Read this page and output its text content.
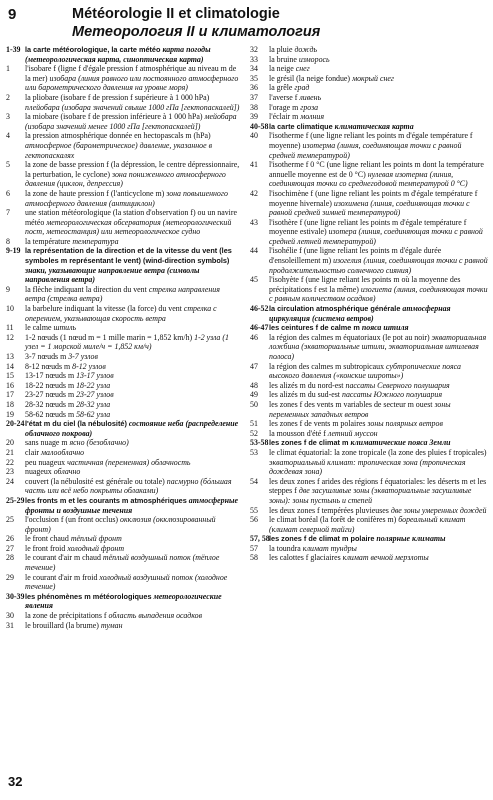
9	Météorologie II et climatologie
Метеорология II и климатология

1-39 la carte météorologique, la carte météo карта погоды (метеорологическая карта, синоптическая карта)

1	l'isobare f (ligne f d'égale pression f atmosphérique au niveau m de la mer) изобара (линия равного или постоянного атмосферного или барометрического давления на уровне моря)

2	la pliobare (isobare f de pression f supérieure à 1 000 hPa) плейобара (изобара значений свыше 1000 гПа [гектопаскалей])

3	la miobare (isobare f de pression inférieure à 1 000 hPa) мейобара (изобара значений менее 1000 гПа [гектопаскалей])

4	la pression atmosphérique donnée en hectopascals m (hPa) атмосферное (барометрическое) давление, указанное в гектопаскалях

5	la zone de basse pression f (la dépression, le centre dépressionnaire, la perturbation, le cyclone) зона пониженного атмосферного давления (циклон, депрессия)

6	la zone de haute pression f (l'anticyclone m) зона повышенного атмосферного давления (антициклон)

7	une station météorologique (la station d'observation f) ou un navire météo метеорологическая обсерватория (метеорологический пост, метеостанция) или метеорологическое судно

8	la température температура

9-19 la représentation de la direction et de la vitesse du vent (les symboles m représentant le vent) (wind-direction symbols) знаки, указывающие направление ветра (символы направления ветра)

9	la flèche indiquant la direction du vent стрелка направления ветра (стрелка ветра)

10	la barbelure indiquant la vitesse (la force) du vent стрелка с оперением, указывающая скорость ветра

11	le calme штиль

12	1-2 nœuds (1 nœud m = 1 mille marin = 1,852 km/h) 1-2 узла (1 узел = 1 морской миле/ч = 1,852 км/ч)

13	3-7 nœuds m 3-7 узлов

14	8-12 nœuds m 8-12 узлов

15	13-17 nœuds m 13-17 узлов

16	18-22 nœuds m 18-22 узла

17	23-27 nœuds m 23-27 узлов

18	28-32 nœuds m 28-32 узла

19	58-62 nœuds m 58-62 узла

20-24 l'état m du ciel (la nébulosité) состояние неба (распределение облачного покрова)

20	sans nuage m ясно (безоблачно)

21	clair малооблачно

22	peu nuageux частичная (переменная) облачность

23	nuageux облачно

24	couvert (la nébulosité est générale ou totale) пасмурно (бóльшая часть или всё небо покрыты облаками)

25-29 les fronts m et les courants m atmosphériques атмосферные фронты и воздушные течения

25	l'occlusion f (un front occlus) окклюзия (окклюзированный фронт)

26	le front chaud тёплый фронт

27	le front froid холодный фронт

28	le courant d'air m chaud тёплый воздушный поток (тёплое течение)

29	le courant d'air m froid холодный воздушный поток (холодное течение)

30-39 les phénomènes m météorologiques метеорологические явления

30	la zone de précipitations f область выпадения осадков

31	le brouillard (la brume) туман

32	la pluie дождь

33	la bruine изморось

34	la neige снег

35	le grésil (la neige fondue) мокрый снег

36	la grêle град

37	l'averse f ливень

38	l'orage m гроза

39	l'éclair m молния

40-58 la carte climatique климатическая карта

40	l'isotherme f (une ligne reliant les points m d'égale température f moyenne) изотерма (линия, соединяющая точки с равной средней температурой)

41	l'isotherme f 0 °C (une ligne reliant les points m dont la température annuelle moyenne est de 0 °C) нулевая изотерма (линия, соединяющая точки со среднегодовой температурой 0 °C)

42	l'isochimène f (une ligne reliant les points m d'égale température f moyenne hivernale) изохимена (линия, соединяющая точки с равной средней зимней температурой)

43	l'isothère f (une ligne reliant les points m d'égale température f moyenne estivale) изотера (линия, соединяющая точки с равной средней летней температурой)

44	l'isohélie f (une ligne reliant les points m d'égale durée d'ensoleillement m) изогелия (линия, соединяющая точки с равной продолжительностью солнечного сияния)

45	l'isohyète f (une ligne reliant les points m où la moyenne des précipitations f est la même) изогиета (линия, соединяющая точки с равным количеством осадков)

46-52 la circulation atmosphérique générale атмосферная циркуляция (система ветров)

46-47 les ceintures f de calme m пояса штиля

46	la région des calmes m équatoriaux (le pot au noir) экваториальная ложбина (экваториальные штили, экваториальная штилевая полоса)

47	la région des calmes m subtropicaux субтропические пояса высокого давления («конские широты»)

48	les alizés m du nord-est пассаты Северного полушария

49	les alizés m du sud-est пассаты Южного полушария

50	les zones f des vents m variables de secteur m ouest зоны переменных западных ветров

51	les zones f de vents m polaires зоны полярных ветров

52	la mousson d'été f летний муссон

53-58 les zones f de climat m климатические пояса Земли

53	le climat équatorial: la zone tropicale (la zone des pluies f tropicales) экваториальный климат: тропическая зона (тропическая дождевая зона)

54	les deux zones f arides des régions f équatoriales: les déserts m et les steppes f две засушливые зоны (экваториальные засушливые зоны): зоны пустынь и степей

55	les deux zones f tempérées pluvieuses две зоны умеренных дождей

56	le climat boréal (la forêt de conifères m) бореальный климат (климат северной тайги)

57, 58 les zones f de climat m polaire полярные климаты

57	la toundra климат тундры

58	les calottes f glaciaires климат вечной мерзлоты

32
